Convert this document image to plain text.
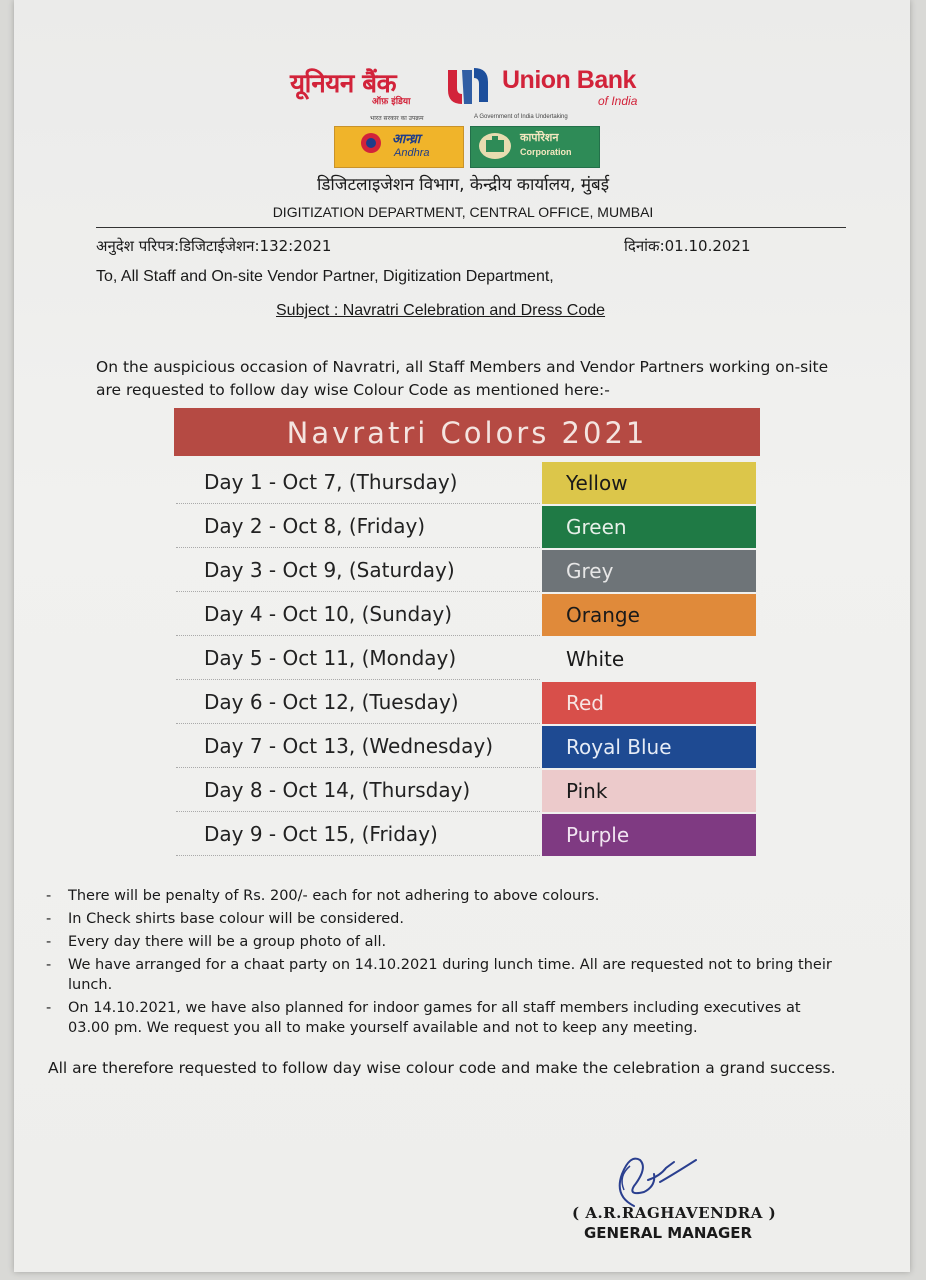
यूनियन बैंक
ऑफ़ इंडिया
Union Bank
of India
भारत सरकार का उपक्रम	A Government of India Undertaking
आन्ध्रा
Andhra
कार्पोरेशन
Corporation
डिजिटलाइजेशन विभाग, केन्द्रीय कार्यालय, मुंबई
DIGITIZATION DEPARTMENT, CENTRAL OFFICE, MUMBAI
अनुदेश परिपत्र:डिजिटाईजेशन:132:2021	दिनांक:01.10.2021
To, All Staff and On-site Vendor Partner, Digitization Department,
Subject : Navratri Celebration and Dress Code
On the auspicious occasion of Navratri, all Staff Members and Vendor Partners working on-site are requested to follow day wise Colour Code as mentioned here:-
Navratri Colors 2021
Day 1 - Oct 7, (Thursday)	Yellow
Day 2 - Oct 8, (Friday)	Green
Day 3 - Oct 9, (Saturday)	Grey
Day 4 - Oct 10, (Sunday)	Orange
Day 5 - Oct 11, (Monday)	White
Day 6 - Oct 12, (Tuesday)	Red
Day 7 - Oct 13, (Wednesday)	Royal Blue
Day 8 - Oct 14, (Thursday)	Pink
Day 9 - Oct 15, (Friday)	Purple
- There will be penalty of Rs. 200/- each for not adhering to above colours.
- In Check shirts base colour will be considered.
- Every day there will be a group photo of all.
- We have arranged for a chaat party on 14.10.2021 during lunch time. All are requested not to bring their lunch.
- On 14.10.2021, we have also planned for indoor games for all staff members including executives at 03.00 pm. We request you all to make yourself available and not to keep any meeting.
All are therefore requested to follow day wise colour code and make the celebration a grand success.
( A.R.RAGHAVENDRA )
GENERAL MANAGER
